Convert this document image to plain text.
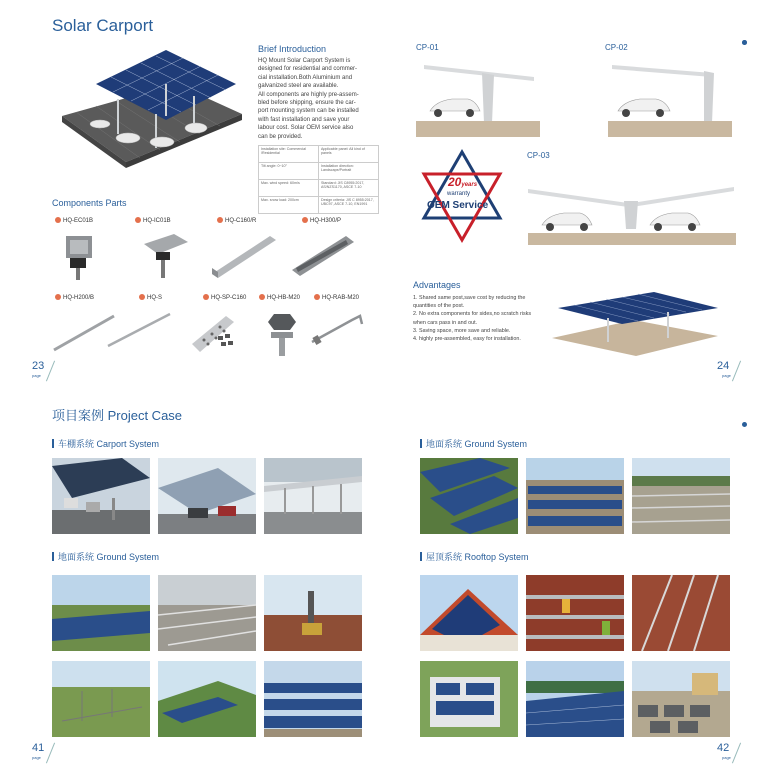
Solar Carport
Brief Introduction
HQ Mount Solar Carport System is
designed for residential and commer-
cial installation.Both Aluminium and
galvanized steel are available.
All components are highly pre-assem-
bled before shipping, ensure the car-
port mounting system can be installed
with fast installation and save your
labour cost. Solar OEM service also
can be provided.
Installation site: Commercial /Residential	Applicable panel: All kind of panels
Tilt angle: 0~10°	Installation direction: Landscape/Portrait
Max. wind speed: 60m/s	Standard: JIS C8955:2017, AS/NZS1170, ASCE 7-10
Max. snow load: 200cm	Design criteria: JIS C 8955:2017, UBC97, ASCE 7-10, EN1991
Components Parts
HQ-EC01B	HQ-IC01B	HQ-C160/R	HQ-H300/P
HQ-H200/B	HQ-S	HQ-SP-C160	HQ-HB-M20	HQ-RAB-M20
CP-01	CP-02
20years
warranty
OEM Service
CP-03
Advantages
1. Shared same post,save cost by reducing the
quantities of the post.
2. No extra components for sides,no scratch risks
when cars pass in and out.
3. Saving space, more save and reliable.
4. highly pre-assembled, easy for installation.
23
page
24
page
项目案例 Project Case
车棚系统 Carport System	地面系统 Ground System
地面系统 Ground System	屋顶系统 Rooftop System
41
page
42
page
